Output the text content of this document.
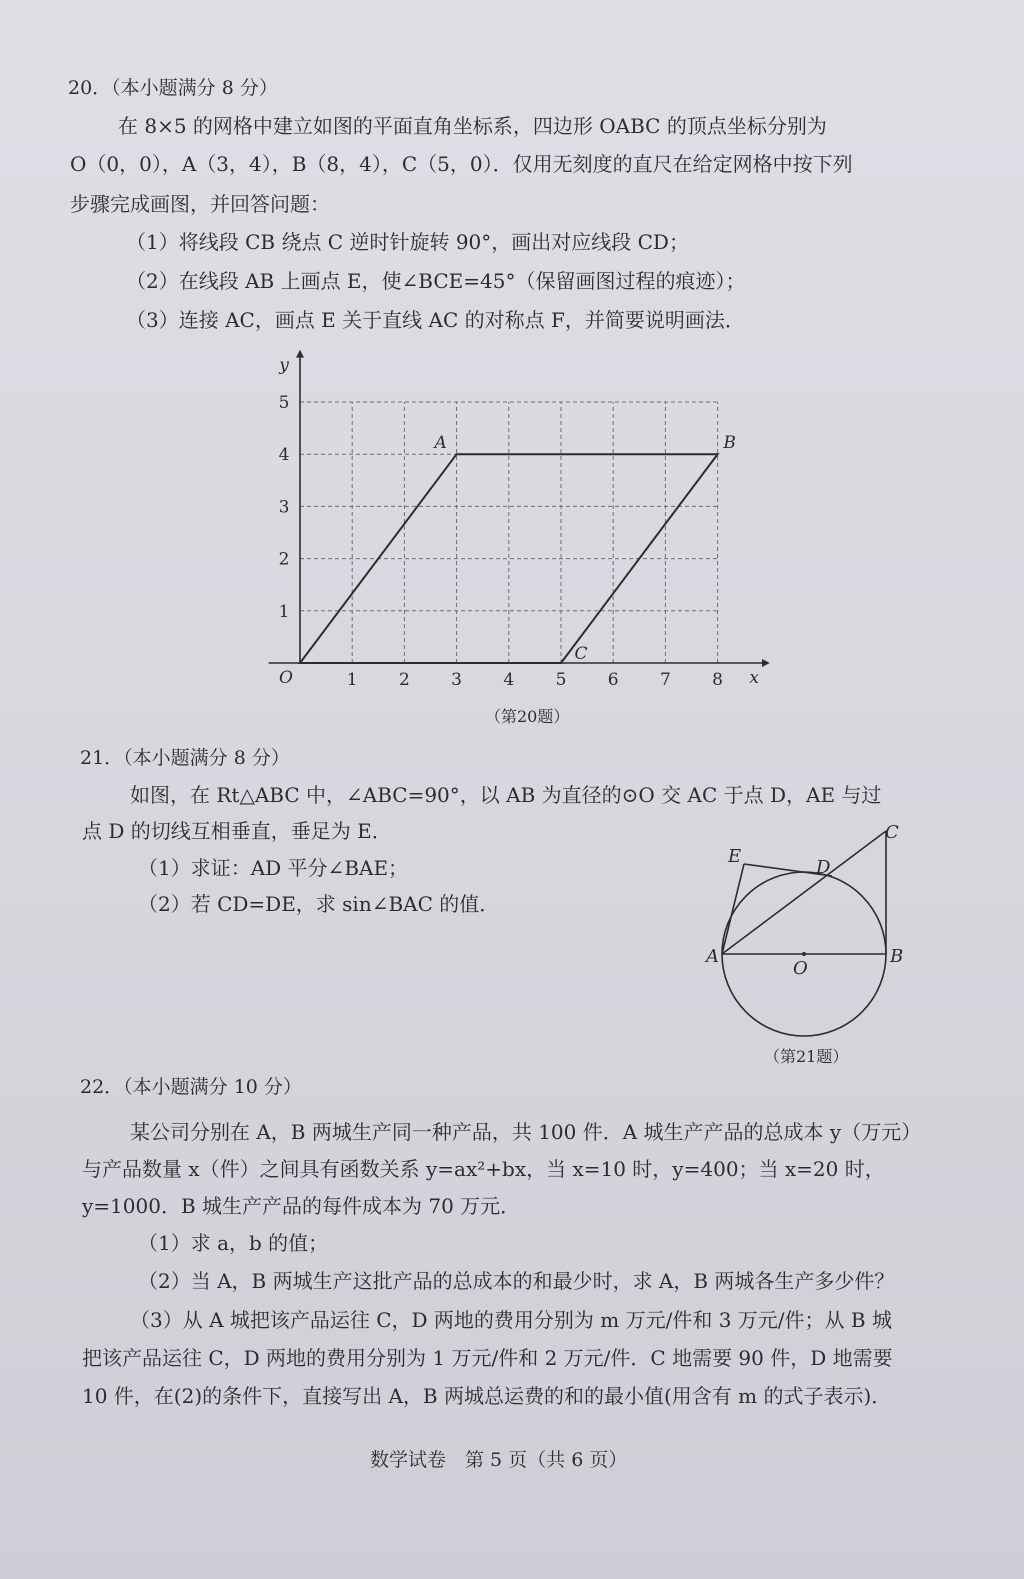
20．（本小题满分 8 分）
在 8×5 的网格中建立如图的平面直角坐标系，四边形 OABC 的顶点坐标分别为
O（0，0），A（3，4），B（8，4），C（5，0）．仅用无刻度的直尺在给定网格中按下列
步骤完成画图，并回答问题：
（1）将线段 CB 绕点 C 逆时针旋转 90°，画出对应线段 CD；
（2）在线段 AB 上画点 E，使∠BCE=45°（保留画图过程的痕迹）；
（3）连接 AC，画点 E 关于直线 AC 的对称点 F，并简要说明画法．
1 2 3 4 5 6 7 8
1
2
3
4
5
O	x
y
A	B
C
（第20题）
21．（本小题满分 8 分）
如图，在 Rt△ABC 中，∠ABC=90°，以 AB 为直径的⊙O 交 AC 于点 D，AE 与过
点 D 的切线互相垂直，垂足为 E．
（1）求证：AD 平分∠BAE；
（2）若 CD=DE，求 sin∠BAC 的值．
A	B
C
D
E
O
（第21题）
22．（本小题满分 10 分）
某公司分别在 A，B 两城生产同一种产品，共 100 件．A 城生产产品的总成本 y（万元）
与产品数量 x（件）之间具有函数关系 y=ax²+bx，当 x=10 时，y=400；当 x=20 时，
y=1000．B 城生产产品的每件成本为 70 万元．
（1）求 a，b 的值；
（2）当 A，B 两城生产这批产品的总成本的和最少时，求 A，B 两城各生产多少件？
（3）从 A 城把该产品运往 C，D 两地的费用分别为 m 万元/件和 3 万元/件；从 B 城
把该产品运往 C，D 两地的费用分别为 1 万元/件和 2 万元/件．C 地需要 90 件，D 地需要
10 件，在(2)的条件下，直接写出 A，B 两城总运费的和的最小值(用含有 m 的式子表示)．
数学试卷　第 5 页（共 6 页）
